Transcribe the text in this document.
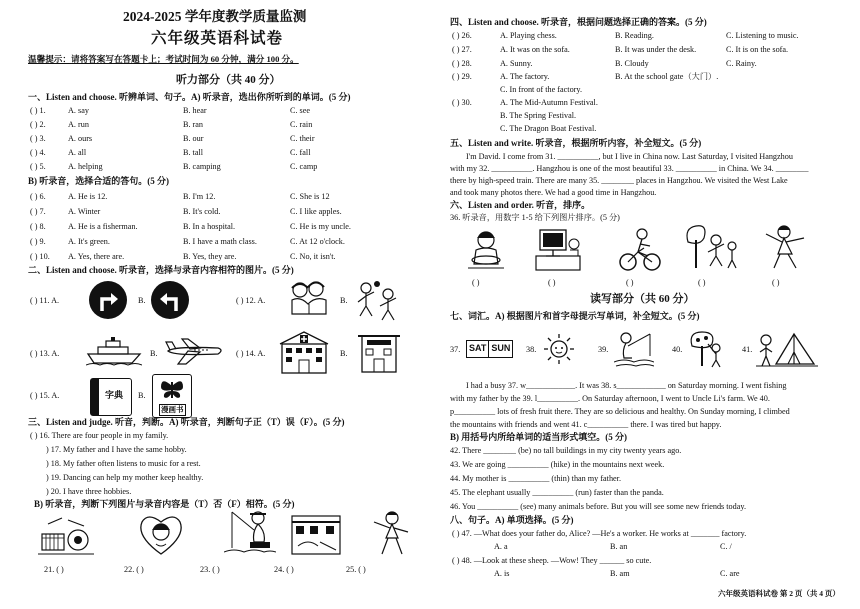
2024-2025 学年度教学质量监测
六年级英语科试卷
温馨提示：请将答案写在答题卡上；考试时间为 60 分钟，满分 100 分。
听力部分（共 40 分）
一、Listen and choose. 听辨单词、句子。A) 听录音，选出你所听到的单词。(5 分)
( ) 1.	A. say	B. hear	C. see
( ) 2.	A. run	B. ran	C. rain
( ) 3.	A. ours	B. our	C. their
( ) 4.	A. all	B. tall	C. fall
( ) 5.	A. helping	B. camping	C. camp
B) 听录音，选择合适的答句。(5 分)
( ) 6.	A. He is 12.	B. I'm 12.	C. She is 12
( ) 7.	A. Winter	B. It's cold.	C. I like apples.
( ) 8.	A. He is a fisherman.	B. In a hospital.	C. He is my uncle.
( ) 9.	A. It's green.	B. I have a math class.	C. At 12 o'clock.
( ) 10. A. Yes, there are.	B. Yes, they are.	C. No, it isn't.
二、Listen and choose. 听录音，选择与录音内容相符的图片。(5 分)
( ) 11. A.	B.	( ) 12. A.	B.
( ) 13. A.	B.	( ) 14. A.	B.
( ) 15. A.	字典 B.
漫画书
三、Listen and judge. 听音，判断。A) 听录音，判断句子正（T）误（F）。(5 分)
( ) 16. There are four people in my family.
) 17. My father and I have the same hobby.
) 18. My father often listens to music for a rest.
) 19. Dancing can help my mother keep healthy.
) 20. I have three hobbies.
B) 听录音，判断下列图片与录音内容是（T）否（F）相符。(5 分)
21. ( )	22. ( )	23. ( )	24. ( )	25. ( )
四、Listen and choose. 听录音，根据问题选择正确的答案。(5 分)
( ) 26.	A. Playing chess.	B. Reading.	C. Listening to music.
( ) 27.	A. It was on the sofa.	B. It was under the desk.	C. It is on the sofa.
( ) 28.	A. Sunny.	B. Cloudy	C. Rainy.
( ) 29.	A. The factory.	B. At the school gate（大门）.
C. In front of the factory.
( ) 30.	A. The Mid-Autumn Festival.
B. The Spring Festival.
C. The Dragon Boat Festival.
五、Listen and write. 听录音，根据所听内容，补全短文。(5 分)
I'm David. I come from 31. __________, but I live in China now. Last Saturday, I visited Hangzhou
with my 32. __________. Hangzhou is one of the most beautiful 33. __________ in China. We 34. ________
there by high-speed train. There are many 35. ________ places in Hangzhou. We visited the West Lake
and took many photos there. We had a good time in Hangzhou.
六、Listen and order. 听音，排序。
36. 听录音，用数字 1-5 给下列图片排序。(5 分)
( )	( )	( )	( )	( )
读写部分（共 60 分）
七、词汇。A) 根据图片和首字母提示写单词，补全短文。(5 分)
37. SAT SUN 38.	39.	40.	41.
I had a busy 37. w____________. It was 38. s____________ on Saturday morning. I went fishing
with my father by the 39. l__________. On Saturday afternoon, I went to Uncle Li's farm. We 40.
p__________ lots of fresh fruit there. They are so delicious and healthy. On Sunday morning, I climbed
the mountains with friends and went 41. c__________ there. I was tired but happy.
B) 用括号内所给单词的适当形式填空。(5 分)
42. There ________ (be) no tall buildings in my city twenty years ago.
43. We are going __________ (hike) in the mountains next week.
44. My mother is __________ (thin) than my father.
45. The elephant usually __________ (run) faster than the panda.
46. You __________ (see) many animals before. But you will see some new friends today.
八、句子。A) 单项选择。(5 分)
( ) 47. —What does your father do, Alice? —He's a worker. He works at _______ factory.
A. a	B. an	C. /
( ) 48. —Look at these sheep. —Wow! They ______ so cute.
A. is	B. am	C. are
六年级英语科试卷 第 2 页（共 4 页）
